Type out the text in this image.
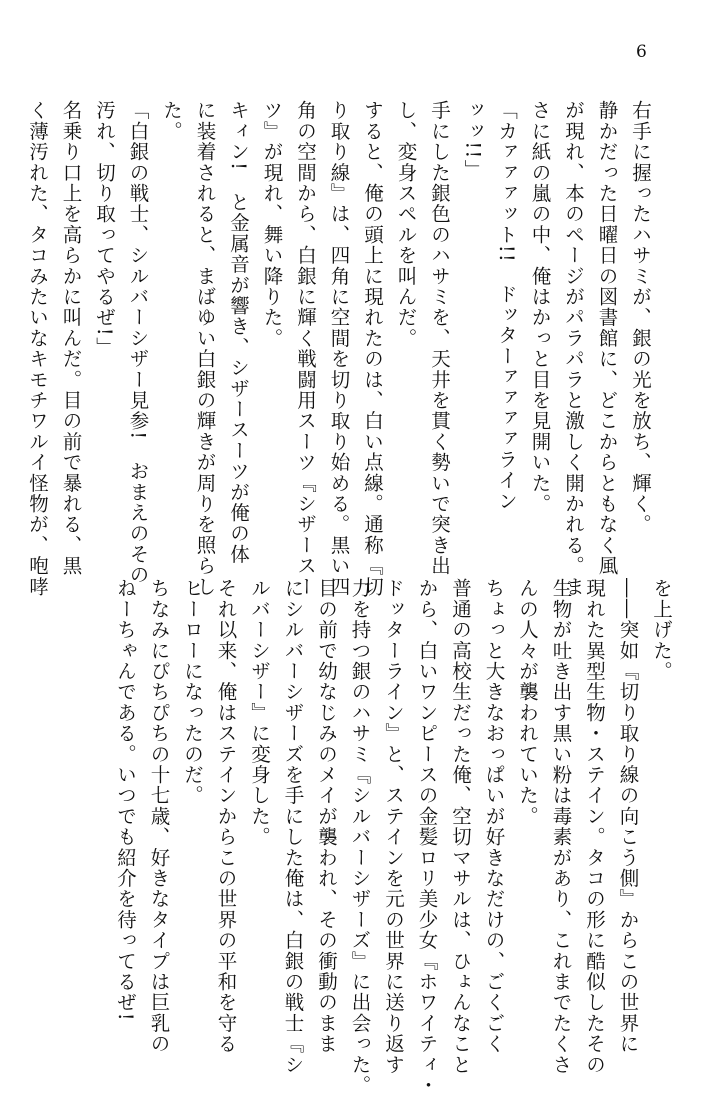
6
右手に握ったハサミが、銀の光を放ち、輝く。
静かだった日曜日の図書館に、どこからともなく風
が現れ、本のページがパラパラと激しく開かれる。ま
さに紙の嵐の中、俺はかっと目を見開いた。
「カァァァット!!　ドッターァァァァライン
ッッ!!」
手にした銀色のハサミを、天井を貫く勢いで突き出
し、変身スペルを叫んだ。
すると、俺の頭上に現れたのは、白い点線。通称『切
り取り線』は、四角に空間を切り取り始める。黒い四
角の空間から、白銀に輝く戦闘用スーツ『シザースー
ツ』が現れ、舞い降りた。
キィン!　と金属音が響き、シザースーツが俺の体
に装着されると、まばゆい白銀の輝きが周りを照らし
た。
「白銀の戦士、シルバーシザー見参!　おまえのその
汚れ、切り取ってやるぜ!」
名乗り口上を高らかに叫んだ。目の前で暴れる、黒
く薄汚れた、タコみたいなキモチワルイ怪物が、咆哮
を上げた。
――突如『切り取り線の向こう側』からこの世界に
現れた異型生物・ステイン。タコの形に酷似したその
生物が吐き出す黒い粉は毒素があり、これまでたくさ
んの人々が襲われていた。
ちょっと大きなおっぱいが好きなだけの、ごくごく
普通の高校生だった俺、空切マサルは、ひょんなこと
から、白いワンピースの金髪ロリ美少女『ホワイティ・
ドッターライン』と、ステインを元の世界に送り返す
力を持つ銀のハサミ『シルバーシザーズ』に出会った。
目の前で幼なじみのメイが襲われ、その衝動のまま
にシルバーシザーズを手にした俺は、白銀の戦士『シ
ルバーシザー』に変身した。
それ以来、俺はステインからこの世界の平和を守る
ヒーローになったのだ。
ちなみにぴちぴちの十七歳、好きなタイプは巨乳の
ねーちゃんである。いつでも紹介を待ってるぜ!
